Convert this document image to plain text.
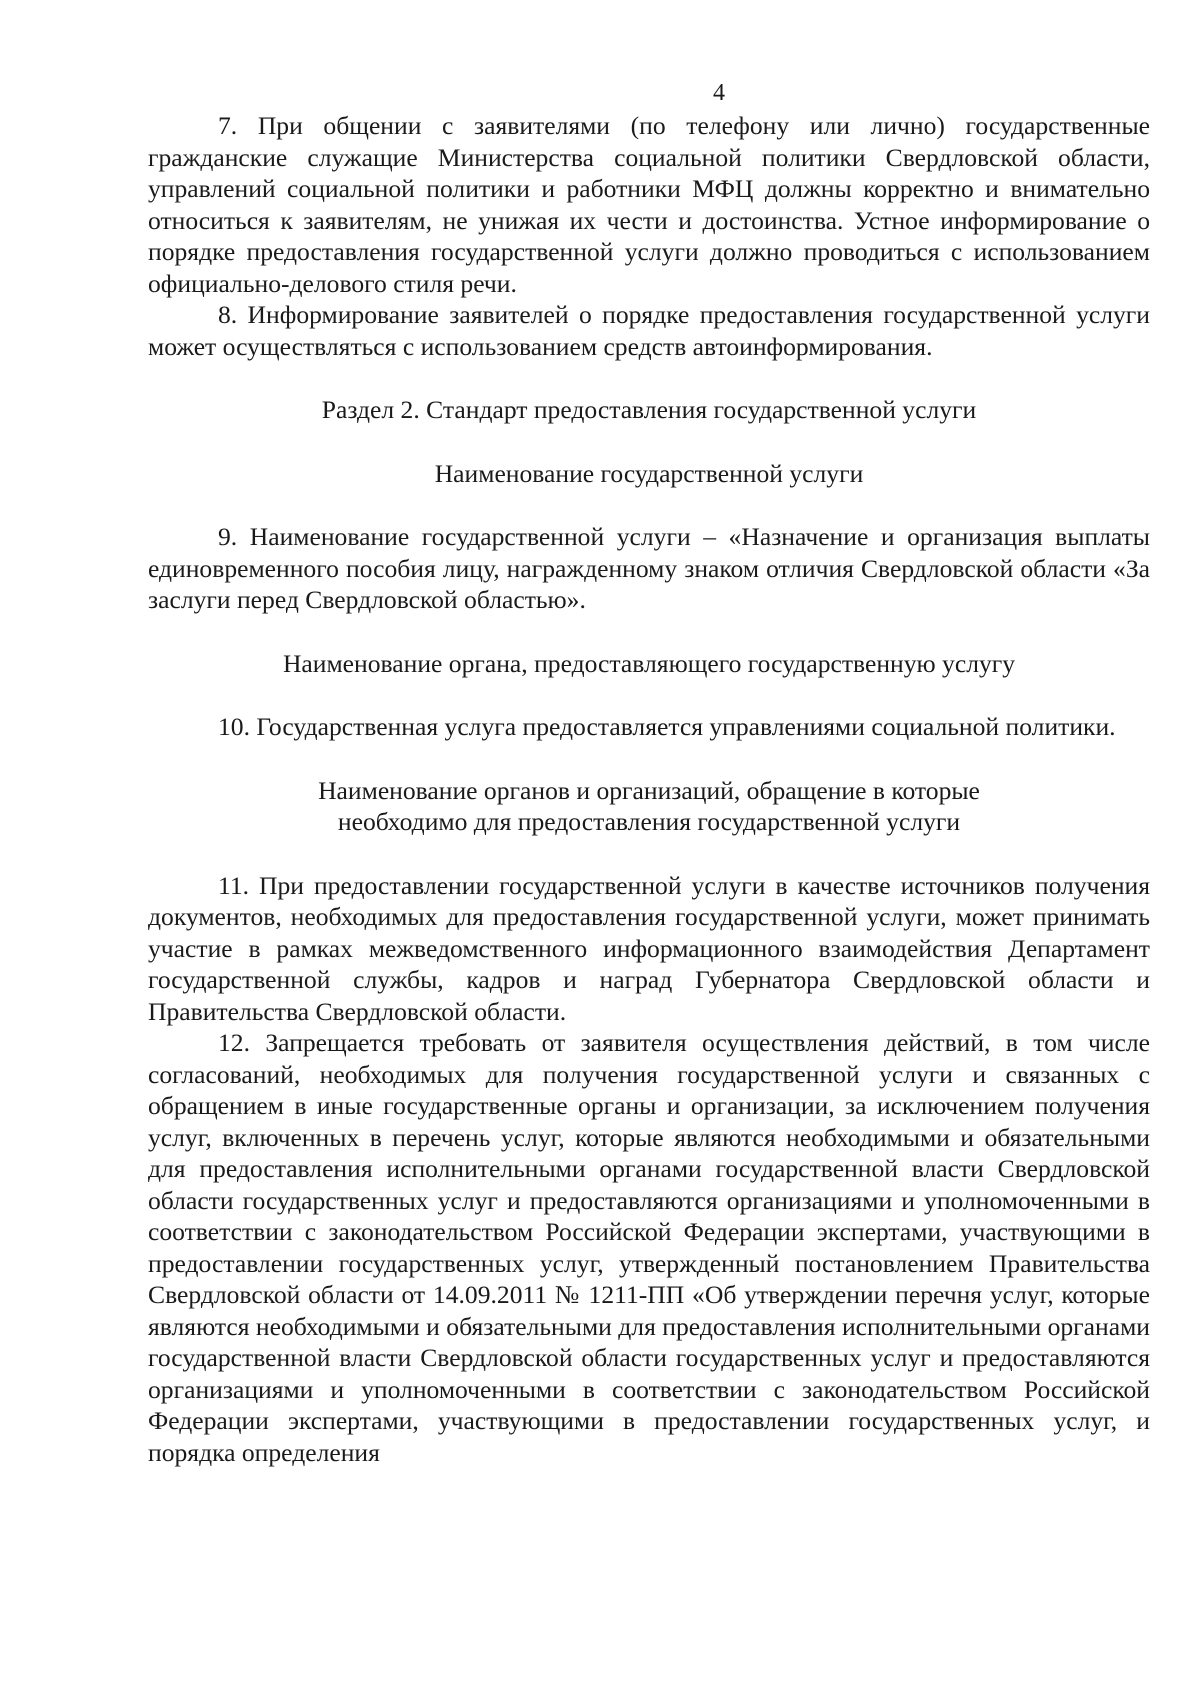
4

7. При общении с заявителями (по телефону или лично) государственные гражданские служащие Министерства социальной политики Свердловской области, управлений социальной политики и работники МФЦ должны корректно и внимательно относиться к заявителям, не унижая их чести и достоинства. Устное информирование о порядке предоставления государственной услуги должно проводиться с использованием официально-делового стиля речи.

8. Информирование заявителей о порядке предоставления государственной услуги может осуществляться с использованием средств автоинформирования.

Раздел 2. Стандарт предоставления государственной услуги

Наименование государственной услуги

9. Наименование государственной услуги – «Назначение и организация выплаты единовременного пособия лицу, награжденному знаком отличия Свердловской области «За заслуги перед Свердловской областью».

Наименование органа, предоставляющего государственную услугу

10. Государственная услуга предоставляется управлениями социальной политики.

Наименование органов и организаций, обращение в которые

необходимо для предоставления государственной услуги

11. При предоставлении государственной услуги в качестве источников получения документов, необходимых для предоставления государственной услуги, может принимать участие в рамках межведомственного информационного взаимодействия Департамент государственной службы, кадров и наград Губернатора Свердловской области и Правительства Свердловской области.

12. Запрещается требовать от заявителя осуществления действий, в том числе согласований, необходимых для получения государственной услуги и связанных с обращением в иные государственные органы и организации, за исключением получения услуг, включенных в перечень услуг, которые являются необходимыми и обязательными для предоставления исполнительными органами государственной власти Свердловской области государственных услуг и предоставляются организациями и уполномоченными в соответствии с законодательством Российской Федерации экспертами, участвующими в предоставлении государственных услуг, утвержденный постановлением Правительства Свердловской области от 14.09.2011 № 1211-ПП «Об утверждении перечня услуг, которые являются необходимыми и обязательными для предоставления исполнительными органами государственной власти Свердловской области государственных услуг и предоставляются организациями и уполномоченными в соответствии с законодательством Российской Федерации экспертами, участвующими в предоставлении государственных услуг, и порядка определения
